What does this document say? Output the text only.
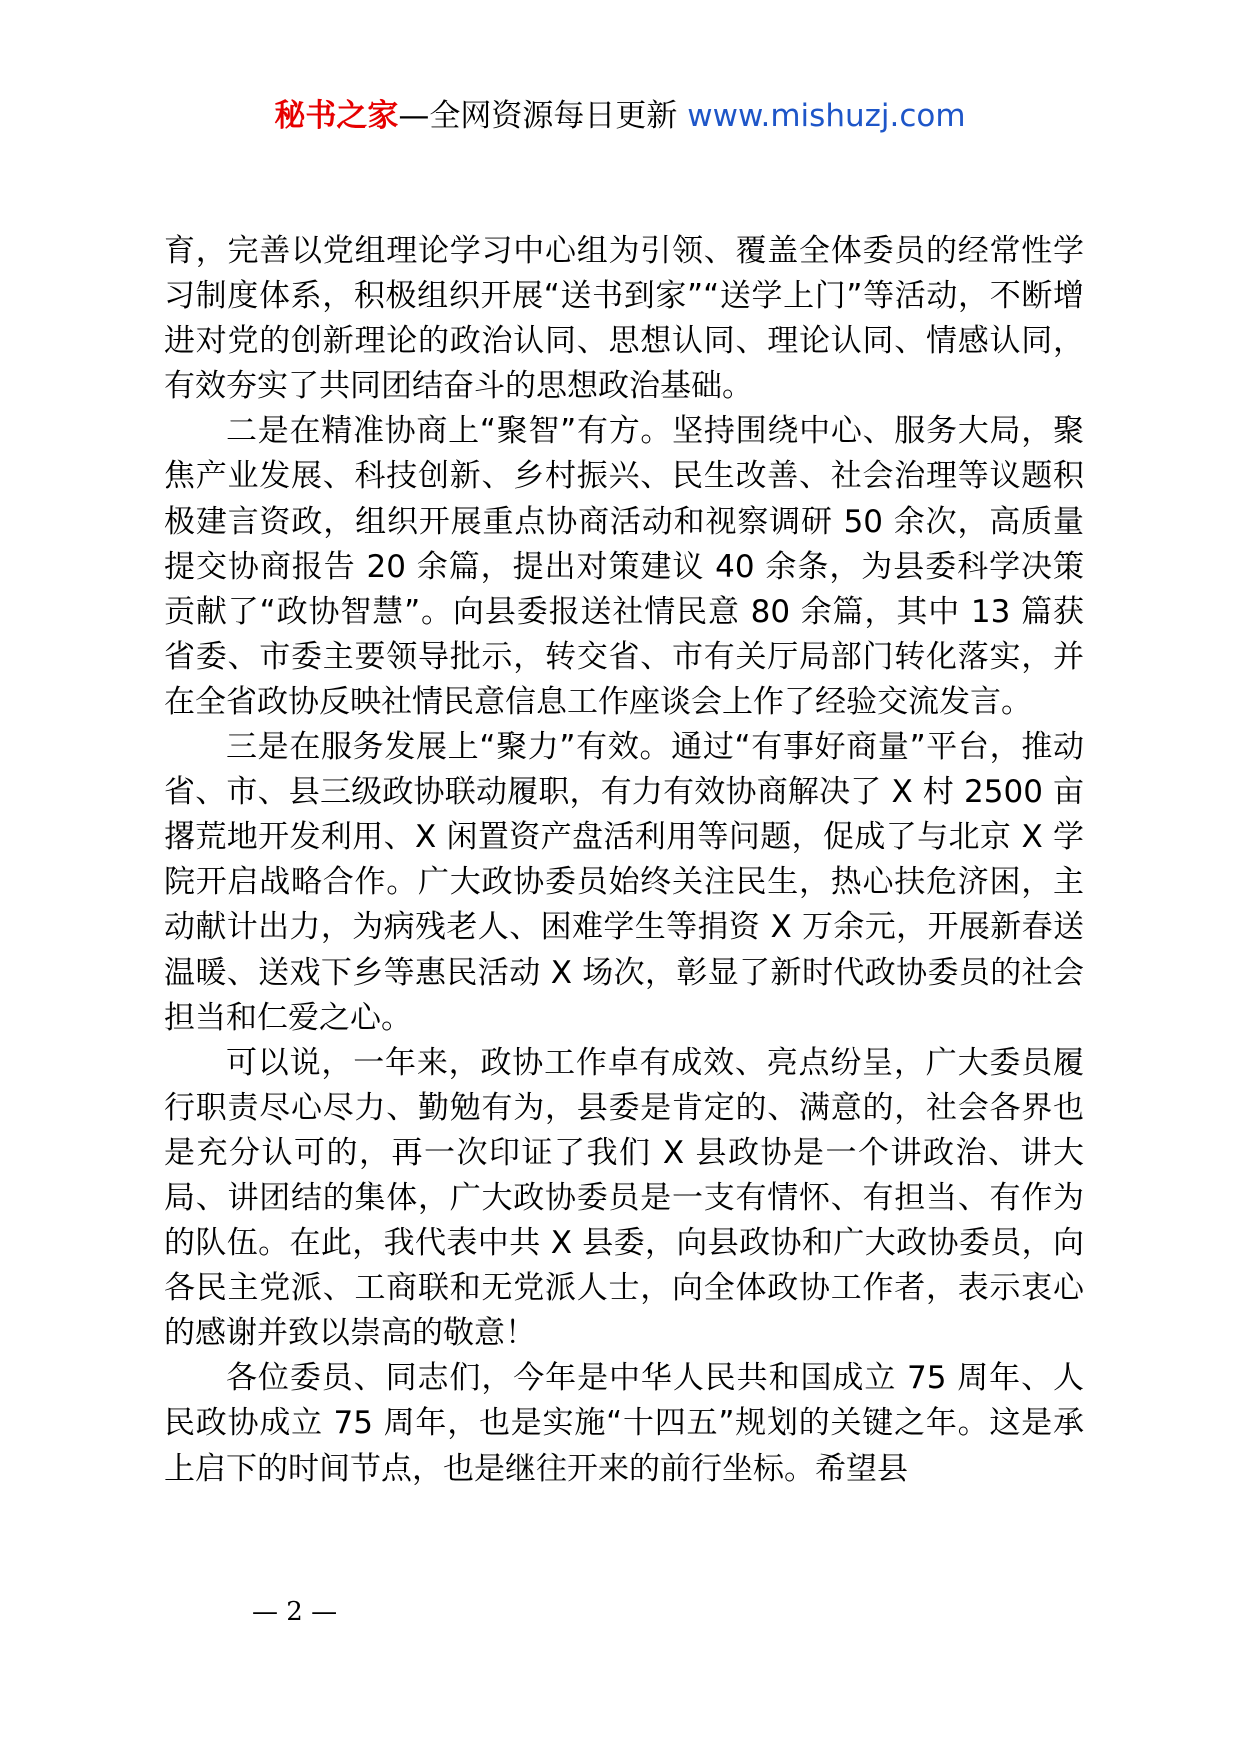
秘书之家—全网资源每日更新 www.mishuzj.com

育，完善以党组理论学习中心组为引领、覆盖全体委员的经常性学习制度体系，积极组织开展“送书到家”“送学上门”等活动，不断增进对党的创新理论的政治认同、思想认同、理论认同、情感认同，有效夯实了共同团结奋斗的思想政治基础。

二是在精准协商上“聚智”有方。坚持围绕中心、服务大局，聚焦产业发展、科技创新、乡村振兴、民生改善、社会治理等议题积极建言资政，组织开展重点协商活动和视察调研 50 余次，高质量提交协商报告 20 余篇，提出对策建议 40 余条，为县委科学决策贡献了“政协智慧”。向县委报送社情民意 80 余篇，其中 13 篇获省委、市委主要领导批示，转交省、市有关厅局部门转化落实，并在全省政协反映社情民意信息工作座谈会上作了经验交流发言。

三是在服务发展上“聚力”有效。通过“有事好商量”平台，推动省、市、县三级政协联动履职，有力有效协商解决了 X 村 2500 亩撂荒地开发利用、X 闲置资产盘活利用等问题，促成了与北京 X 学院开启战略合作。广大政协委员始终关注民生，热心扶危济困，主动献计出力，为病残老人、困难学生等捐资 X 万余元，开展新春送温暖、送戏下乡等惠民活动 X 场次，彰显了新时代政协委员的社会担当和仁爱之心。

可以说，一年来，政协工作卓有成效、亮点纷呈，广大委员履行职责尽心尽力、勤勉有为，县委是肯定的、满意的，社会各界也是充分认可的，再一次印证了我们 X 县政协是一个讲政治、讲大局、讲团结的集体，广大政协委员是一支有情怀、有担当、有作为的队伍。在此，我代表中共 X 县委，向县政协和广大政协委员，向各民主党派、工商联和无党派人士，向全体政协工作者，表示衷心的感谢并致以崇高的敬意！

各位委员、同志们，今年是中华人民共和国成立 75 周年、人民政协成立 75 周年，也是实施“十四五”规划的关键之年。这是承上启下的时间节点，也是继往开来的前行坐标。希望县

— 2 —
